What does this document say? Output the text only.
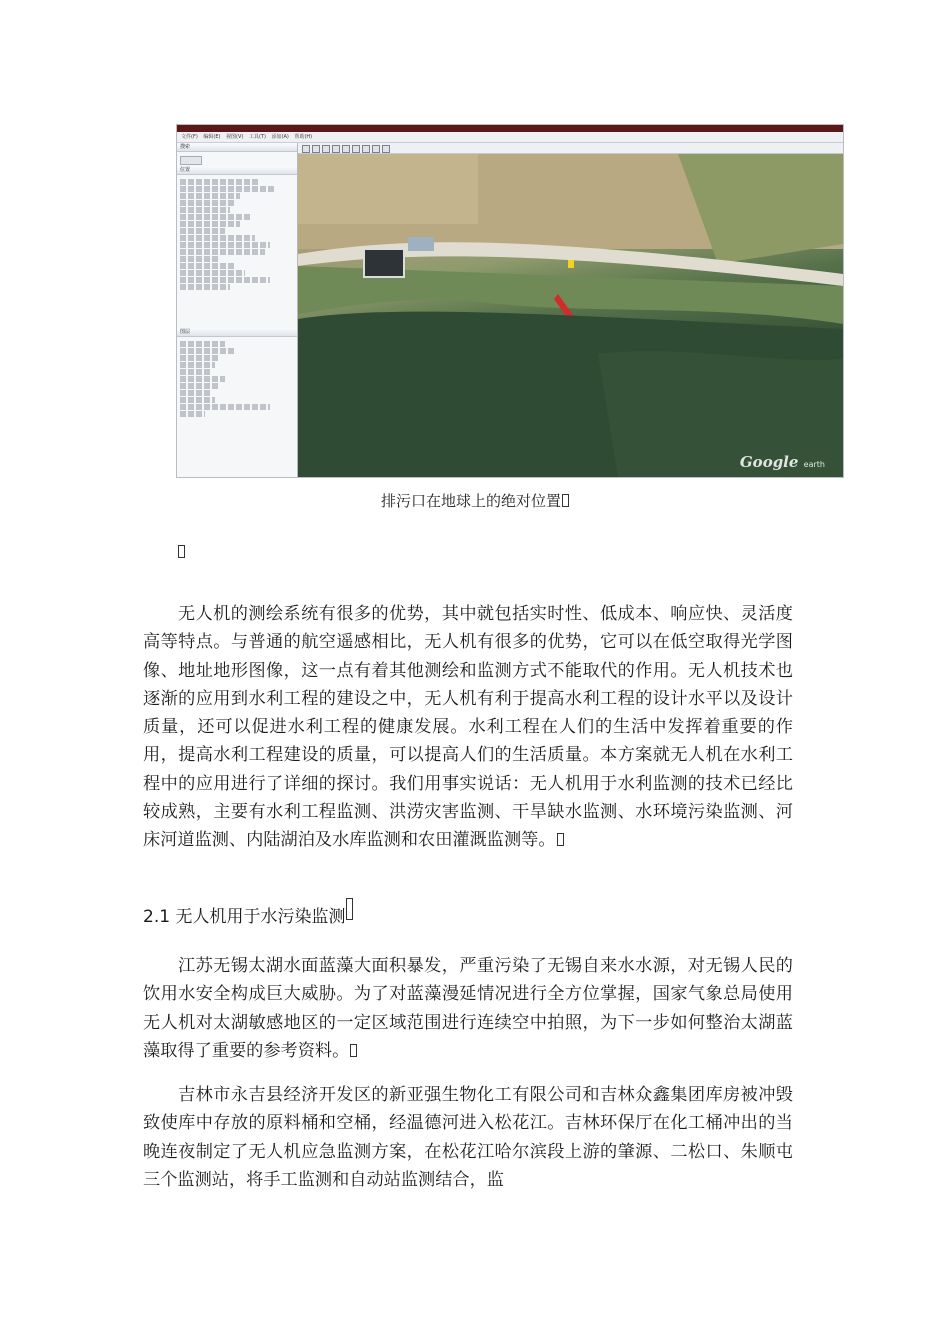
文件(F) 编辑(E) 视图(V) 工具(T) 添加(A) 帮助(H)
搜索
位置
图层
Google earth
排污口在地球上的绝对位置
无人机的测绘系统有很多的优势，其中就包括实时性、低成本、响应快、灵活度高等特点。与普通的航空遥感相比，无人机有很多的优势，它可以在低空取得光学图像、地址地形图像，这一点有着其他测绘和监测方式不能取代的作用。无人机技术也逐渐的应用到水利工程的建设之中，无人机有利于提高水利工程的设计水平以及设计质量，还可以促进水利工程的健康发展。水利工程在人们的生活中发挥着重要的作用，提高水利工程建设的质量，可以提高人们的生活质量。本方案就无人机在水利工程中的应用进行了详细的探讨。我们用事实说话：无人机用于水利监测的技术已经比较成熟，主要有水利工程监测、洪涝灾害监测、干旱缺水监测、水环境污染监测、河床河道监测、内陆湖泊及水库监测和农田灌溉监测等。
2.1 无人机用于水污染监测
江苏无锡太湖水面蓝藻大面积暴发，严重污染了无锡自来水水源，对无锡人民的饮用水安全构成巨大威胁。为了对蓝藻漫延情况进行全方位掌握，国家气象总局使用无人机对太湖敏感地区的一定区域范围进行连续空中拍照，为下一步如何整治太湖蓝藻取得了重要的参考资料。
吉林市永吉县经济开发区的新亚强生物化工有限公司和吉林众鑫集团库房被冲毁致使库中存放的原料桶和空桶，经温德河进入松花江。吉林环保厅在化工桶冲出的当晚连夜制定了无人机应急监测方案，在松花江哈尔滨段上游的肇源、二松口、朱顺屯三个监测站，将手工监测和自动站监测结合，监
